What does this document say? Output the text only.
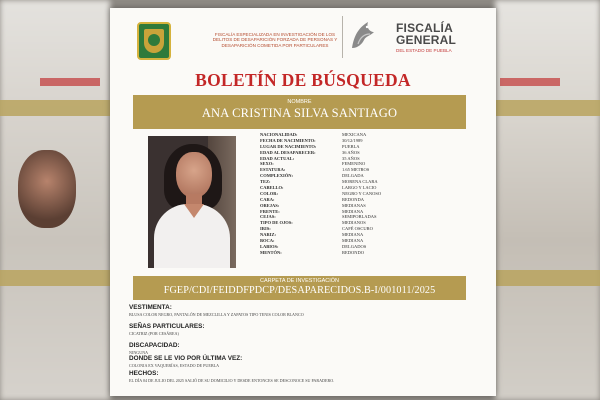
FISCALÍA ESPECIALIZADA EN INVESTIGACIÓN DE LOS DELITOS DE DESAPARICIÓN FORZADA DE PERSONAS Y DESAPARICIÓN COMETIDA POR PARTICULARES
FISCALÍA
GENERAL
DEL ESTADO DE PUEBLA
BOLETÍN DE BÚSQUEDA
NOMBRE
ANA CRISTINA SILVA SANTIAGO
NACIONALIDAD:	MEXICANA
FECHA DE NACIMIENTO:	30/12/1989
LUGAR DE NACIMIENTO:	PUEBLA
EDAD AL DESAPARECER:	36 AÑOS
EDAD ACTUAL:	35 AÑOS
SEXO:	FEMENINO
ESTATURA:	1.65 METROS
COMPLEXIÓN:	DELGADA
TEZ:	MORENA CLARA
CABELLO:	LARGO Y LACIO
COLOR:	NEGRO Y CANOSO
CARA:	REDONDA
OREJAS:	MEDIANAS
FRENTE:	MEDIANA
CEJAS:	SEMIPOBLADAS
TIPO DE OJOS:	MEDIANOS
IRIS:	CAFÉ OSCURO
NARIZ:	MEDIANA
BOCA:	MEDIANA
LABIOS:	DELGADOS
MENTÓN:	REDONDO
CARPETA DE INVESTIGACIÓN
FGEP/CDI/FEIDDFPDCP/DESAPARECIDOS.B-I/001011/2025
VESTIMENTA:
BLUSA COLOR NEGRO, PANTALÓN DE MEZCLILLA Y ZAPATOS TIPO TENIS COLOR BLANCO
SEÑAS PARTICULARES:
CICATRIZ (POR CESÁREA)
DISCAPACIDAD:
NINGUNA
DONDE SE LE VIO POR ÚLTIMA VEZ:
COLONIA EX VAQUERÍAS, ESTADO DE PUEBLA
HECHOS:
EL DÍA 04 DE JULIO DEL 2025 SALIÓ DE SU DOMICILIO Y DESDE ENTONCES SE DESCONOCE SU PARADERO.
